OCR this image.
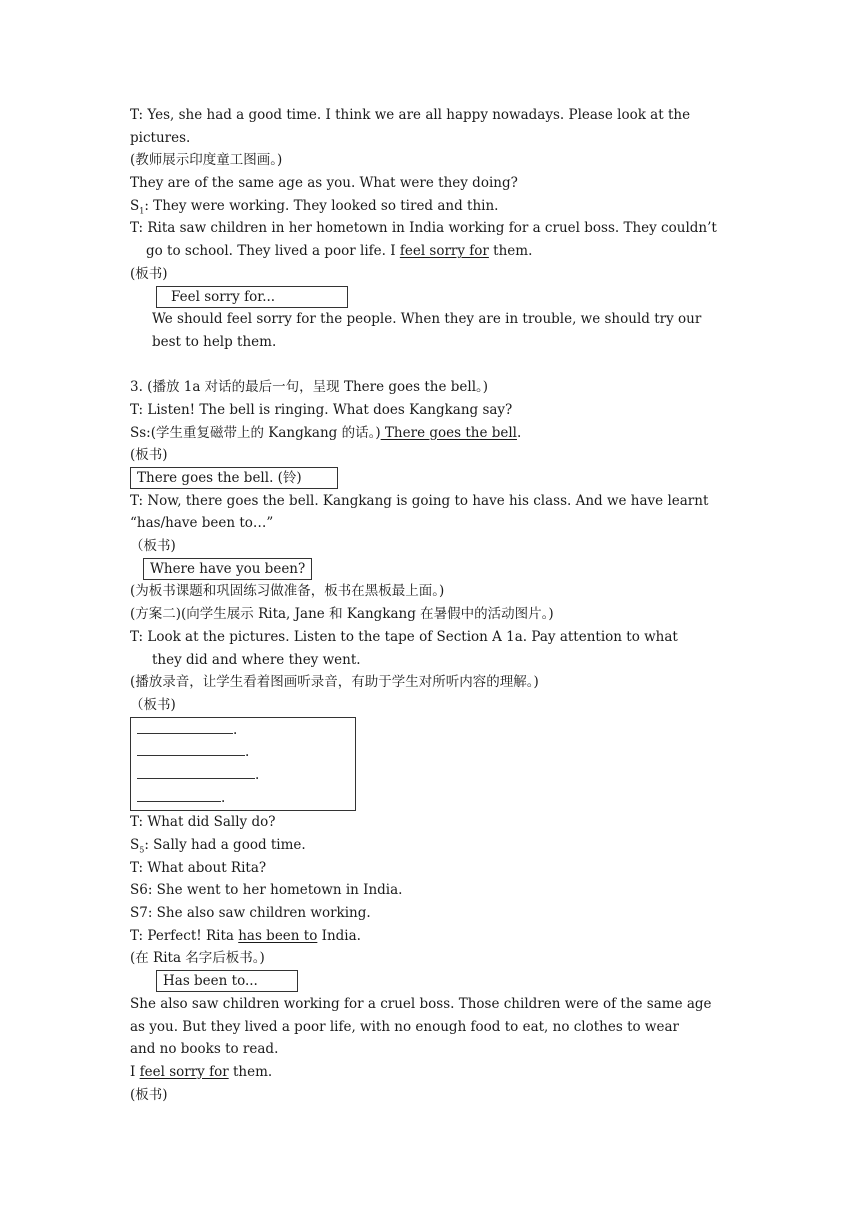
T: Yes, she had a good time. I think we are all happy nowadays. Please look at the
pictures.
(教师展示印度童工图画。)
They are of the same age as you. What were they doing?
$S_1$: They were working. They looked so tired and thin.
T: Rita saw children in her hometown in India working for a cruel boss. They couldn’t
go to school. They lived a poor life. I feel sorry for them.
(板书)
Feel sorry for...
We should feel sorry for the people. When they are in trouble, we should try our
best to help them.
3. (播放 1a 对话的最后一句，呈现 There goes the bell。)
T: Listen! The bell is ringing. What does Kangkang say?
Ss:(学生重复磁带上的 Kangkang 的话。) There goes the bell.
(板书)
There goes the bell. (铃)
T: Now, there goes the bell. Kangkang is going to have his class. And we have learnt
“has/have been to…”
（板书)
Where have you been?
(为板书课题和巩固练习做准备，板书在黑板最上面。)
(方案二)(向学生展示 Rita, Jane 和 Kangkang 在暑假中的活动图片。)
T: Look at the pictures. Listen to the tape of Section A 1a. Pay attention to what
they did and where they went.
(播放录音，让学生看着图画听录音，有助于学生对所听内容的理解。)
（板书)
.
.
.
.
T: What did Sally do?
$S_5$: Sally had a good time.
T: What about Rita?
S6: She went to her hometown in India.
S7: She also saw children working.
T: Perfect! Rita has been to India.
(在 Rita 名字后板书。)
Has been to...
She also saw children working for a cruel boss. Those children were of the same age
as you. But they lived a poor life, with no enough food to eat, no clothes to wear
and no books to read.
I feel sorry for them.
(板书)
